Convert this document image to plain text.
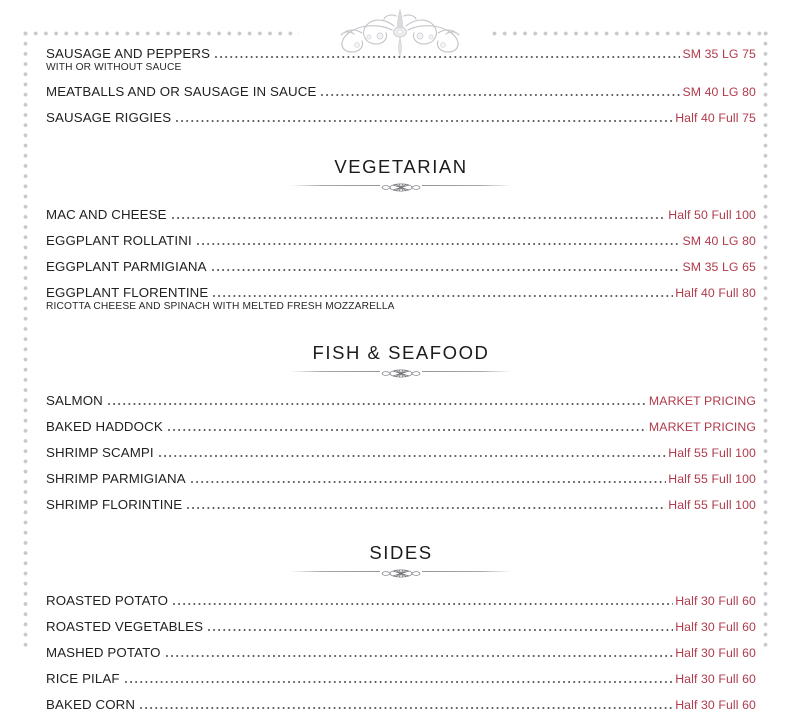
SAUSAGE AND PEPPERS	SM 35 LG 75
WITH OR WITHOUT SAUCE
MEATBALLS AND OR SAUSAGE IN SAUCE	SM 40 LG 80
SAUSAGE RIGGIES	Half 40 Full 75
VEGETARIAN
MAC AND CHEESE	Half 50 Full 100
EGGPLANT ROLLATINI	SM 40 LG 80
EGGPLANT PARMIGIANA	SM 35 LG 65
EGGPLANT FLORENTINE	Half 40 Full 80
RICOTTA CHEESE AND SPINACH WITH MELTED FRESH MOZZARELLA
FISH & SEAFOOD
SALMON	MARKET PRICING
BAKED HADDOCK	MARKET PRICING
SHRIMP SCAMPI	Half 55 Full 100
SHRIMP PARMIGIANA	Half 55 Full 100
SHRIMP FLORINTINE	Half 55 Full 100
SIDES
ROASTED POTATO	Half 30 Full 60
ROASTED VEGETABLES	Half 30 Full 60
MASHED POTATO	Half 30 Full 60
RICE PILAF	Half 30 Full 60
BAKED CORN	Half 30 Full 60
